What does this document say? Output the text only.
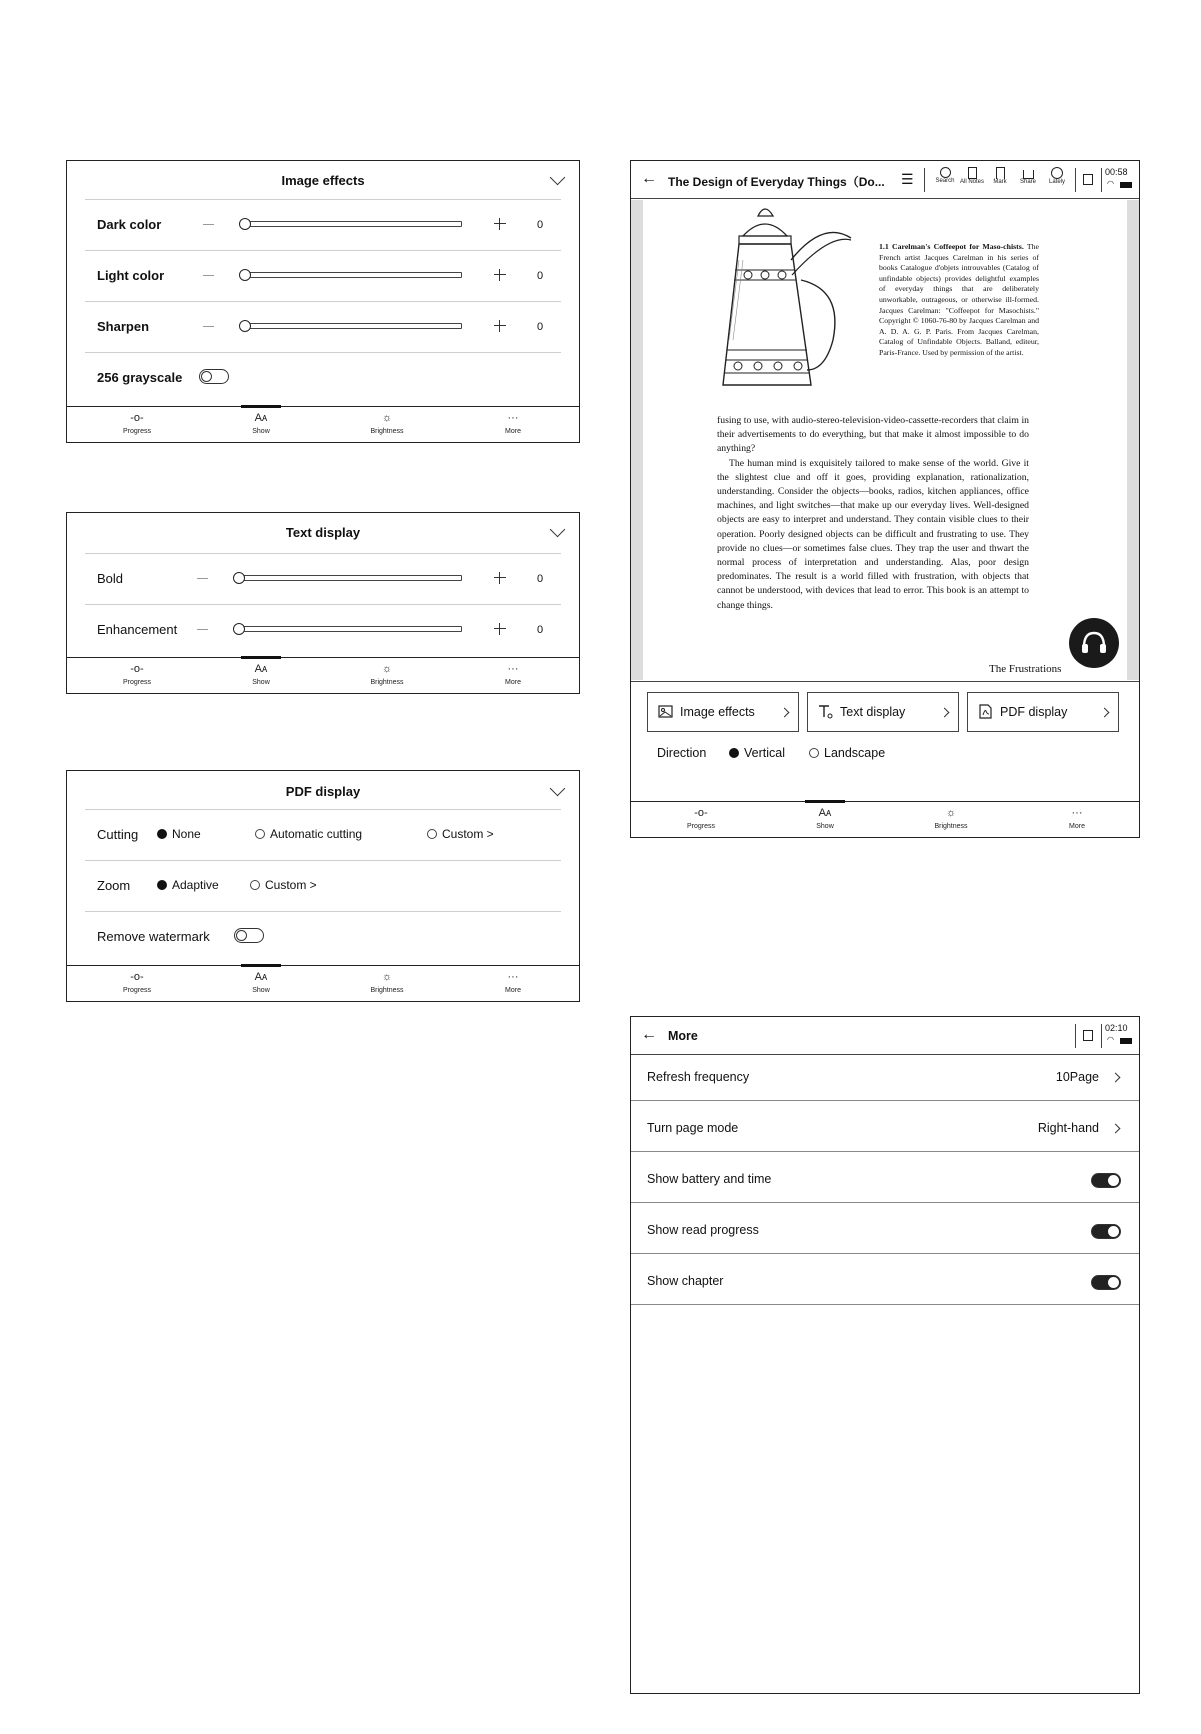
Image effects
Dark color	0
Light color	0
Sharpen	0
256 grayscale
-o-
Progress
Aᴀ
Show
☼
Brightness
···
More
Text display
Bold	0
Enhancement	0
-o-
Progress
Aᴀ
Show
☼
Brightness
···
More
PDF display
Cutting	None	Automatic cutting	Custom >
Zoom	Adaptive	Custom >
Remove watermark
-o-
Progress
Aᴀ
Show
☼
Brightness
···
More
← The Design of Everyday Things（Do... ☰	Search All Notes	Mark	Share	Lately
00:58
◠
1.1 Carelman's Coffeepot for Maso-chists. The French artist Jacques Carelman in his series of books Catalogue d'objets introuvables (Catalog of unfindable objects) provides delightful examples of everyday things that are deliberately unworkable, outrageous, or otherwise ill-formed. Jacques Carelman: "Coffeepot for Masochists." Copyright © 1060-76-80 by Jacques Carelman and A. D. A. G. P. Paris. From Jacques Carelman, Catalog of Unfindable Objects. Balland, editeur, Paris-France. Used by permission of the artist.
fusing to use, with audio-stereo-television-video-cassette-recorders that claim in their advertisements to do everything, but that make it almost impossible to do anything?
The human mind is exquisitely tailored to make sense of the world. Give it the slightest clue and off it goes, providing explanation, rationalization, understanding. Consider the objects—books, radios, kitchen appliances, office machines, and light switches—that make up our everyday lives. Well-designed objects are easy to interpret and understand. They contain visible clues to their operation. Poorly designed objects can be difficult and frustrating to use. They provide no clues—or sometimes false clues. They trap the user and thwart the normal process of interpretation and understanding. Alas, poor design predominates. The result is a world filled with frustration, with objects that cannot be understood, with devices that lead to error. This book is an attempt to change things.
The Frustrations
Image effects	Text display	PDF display
Direction	Vertical	Landscape
-o-
Progress
Aᴀ
Show
☼
Brightness
···
More
← More
02:10
◠
Refresh frequency	10Page
Turn page mode	Right-hand
Show battery and time
Show read progress
Show chapter
